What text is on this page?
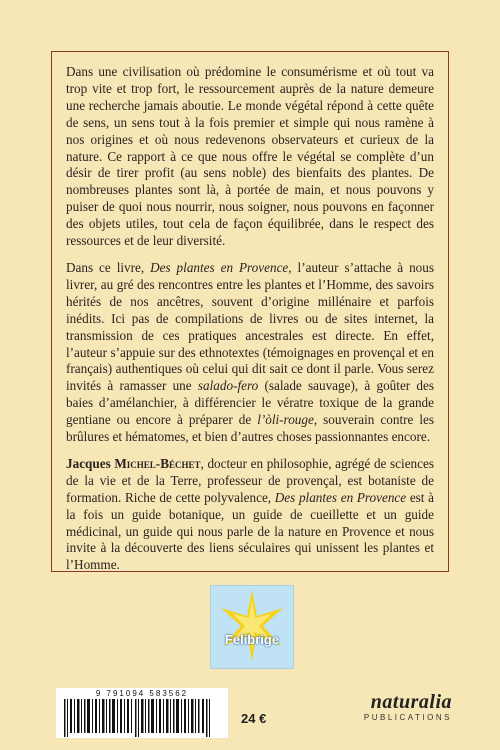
Dans une civilisation où prédomine le consumérisme et où tout va trop vite et trop fort, le ressourcement auprès de la nature demeure une recherche jamais aboutie. Le monde végétal répond à cette quête de sens, un sens tout à la fois premier et simple qui nous ramène à nos origines et où nous redevenons observateurs et curieux de la nature. Ce rapport à ce que nous offre le végétal se complète d’un désir de tirer profit (au sens noble) des bienfaits des plantes. De nombreuses plantes sont là, à portée de main, et nous pouvons y puiser de quoi nous nourrir, nous soigner, nous pouvons en façonner des objets utiles, tout cela de façon équilibrée, dans le respect des ressources et de leur diversité.

Dans ce livre, Des plantes en Provence, l’auteur s’attache à nous livrer, au gré des rencontres entre les plantes et l’Homme, des savoirs hérités de nos ancêtres, souvent d’origine millénaire et parfois inédits. Ici pas de compilations de livres ou de sites internet, la transmission de ces pratiques ancestrales est directe. En effet, l’auteur s’appuie sur des ethnotextes (témoignages en provençal et en français) authentiques où celui qui dit sait ce dont il parle. Vous serez invités à ramasser une salado-fero (salade sauvage), à goûter des baies d’amélanchier, à différencier le vératre toxique de la grande gentiane ou encore à préparer de l’òli-rouge, souverain contre les brûlures et hématomes, et bien d’autres choses passionnantes encore.

Jacques Michel-Béchet, docteur en philosophie, agrégé de sciences de la vie et de la Terre, professeur de provençal, est botaniste de formation. Riche de cette polyvalence, Des plantes en Provence est à la fois un guide botanique, un guide de cueillette et un guide médicinal, un guide qui nous parle de la nature en Provence et nous invite à la découverte des liens séculaires qui unissent les plantes et l’Homme.

Felibrige
9 791094 583562
24 €
naturalia
PUBLICATIONS
